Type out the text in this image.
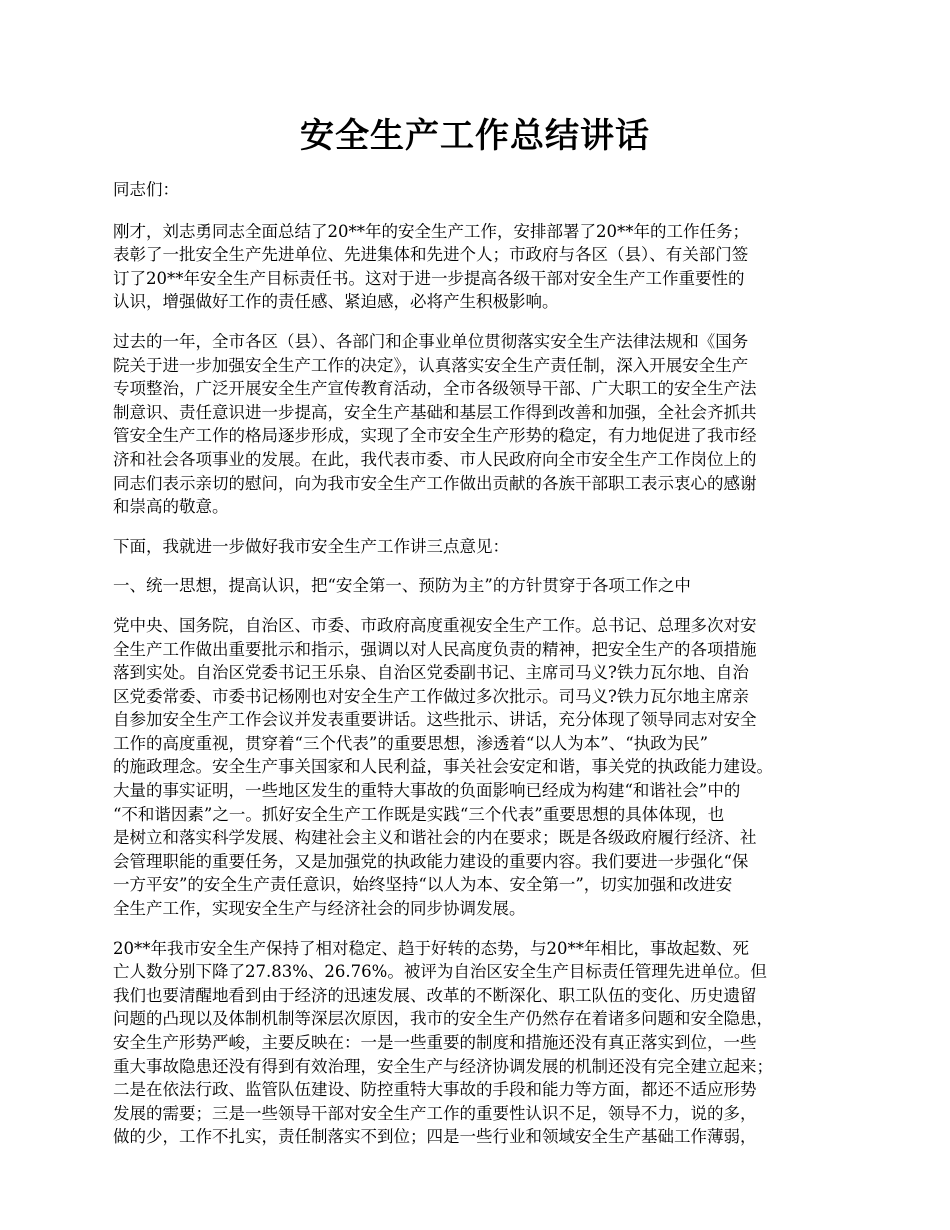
安全生产工作总结讲话

同志们：

刚才，刘志勇同志全面总结了20**年的安全生产工作，安排部署了20**年的工作任务；
表彰了一批安全生产先进单位、先进集体和先进个人；市政府与各区（县）、有关部门签
订了20**年安全生产目标责任书。这对于进一步提高各级干部对安全生产工作重要性的
认识，增强做好工作的责任感、紧迫感，必将产生积极影响。

过去的一年，全市各区（县）、各部门和企事业单位贯彻落实安全生产法律法规和《国务
院关于进一步加强安全生产工作的决定》，认真落实安全生产责任制，深入开展安全生产
专项整治，广泛开展安全生产宣传教育活动，全市各级领导干部、广大职工的安全生产法
制意识、责任意识进一步提高，安全生产基础和基层工作得到改善和加强，全社会齐抓共
管安全生产工作的格局逐步形成，实现了全市安全生产形势的稳定，有力地促进了我市经
济和社会各项事业的发展。在此，我代表市委、市人民政府向全市安全生产工作岗位上的
同志们表示亲切的慰问，向为我市安全生产工作做出贡献的各族干部职工表示衷心的感谢
和崇高的敬意。

下面，我就进一步做好我市安全生产工作讲三点意见：

一、统一思想，提高认识，把“安全第一、预防为主”的方针贯穿于各项工作之中

党中央、国务院，自治区、市委、市政府高度重视安全生产工作。总书记、总理多次对安
全生产工作做出重要批示和指示，强调以对人民高度负责的精神，把安全生产的各项措施
落到实处。自治区党委书记王乐泉、自治区党委副书记、主席司马义?铁力瓦尔地、自治
区党委常委、市委书记杨刚也对安全生产工作做过多次批示。司马义?铁力瓦尔地主席亲
自参加安全生产工作会议并发表重要讲话。这些批示、讲话，充分体现了领导同志对安全
工作的高度重视，贯穿着“三个代表”的重要思想，渗透着“以人为本”、“执政为民”
的施政理念。安全生产事关国家和人民利益，事关社会安定和谐，事关党的执政能力建设。
大量的事实证明，一些地区发生的重特大事故的负面影响已经成为构建“和谐社会”中的
“不和谐因素”之一。抓好安全生产工作既是实践“三个代表”重要思想的具体体现，也
是树立和落实科学发展、构建社会主义和谐社会的内在要求；既是各级政府履行经济、社
会管理职能的重要任务，又是加强党的执政能力建设的重要内容。我们要进一步强化“保
一方平安”的安全生产责任意识，始终坚持“以人为本、安全第一”，切实加强和改进安
全生产工作，实现安全生产与经济社会的同步协调发展。

20**年我市安全生产保持了相对稳定、趋于好转的态势，与20**年相比，事故起数、死
亡人数分别下降了27.83%、26.76%。被评为自治区安全生产目标责任管理先进单位。但
我们也要清醒地看到由于经济的迅速发展、改革的不断深化、职工队伍的变化、历史遗留
问题的凸现以及体制机制等深层次原因，我市的安全生产仍然存在着诸多问题和安全隐患，
安全生产形势严峻，主要反映在：一是一些重要的制度和措施还没有真正落实到位，一些
重大事故隐患还没有得到有效治理，安全生产与经济协调发展的机制还没有完全建立起来；
二是在依法行政、监管队伍建设、防控重特大事故的手段和能力等方面，都还不适应形势
发展的需要；三是一些领导干部对安全生产工作的重要性认识不足，领导不力，说的多，
做的少，工作不扎实，责任制落实不到位；四是一些行业和领域安全生产基础工作薄弱，
